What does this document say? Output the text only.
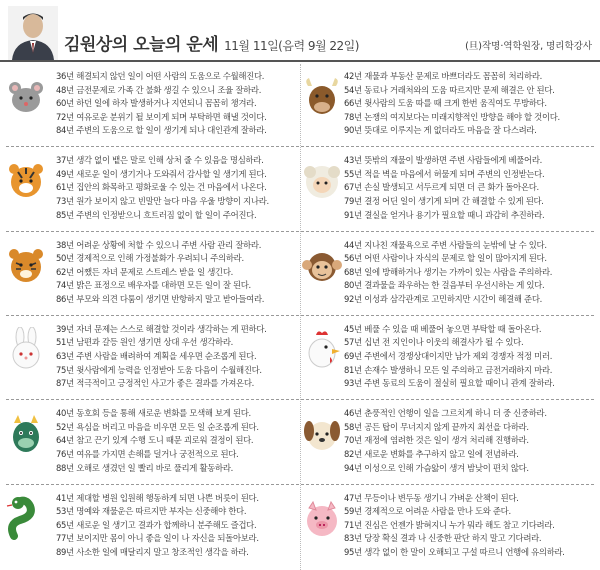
김원상의 오늘의 운세 11월 11일(음력 9월 22일)	(旦)작명·역학원장, 명리학강사
36년 해결되지 않던 일이 어떤 사람의 도움으로 수월해진다.
48년 금전문제로 가족 간 불화 생길 수 있으니 조율 잘하라.
60년 하던 일에 하자 발생하거나 지연되니 꼼꼼히 챙겨라.
72년 여유로운 분위기 될 보이게 되며 부탁하면 해낼 것이다.
84년 주변의 도움으로 할 일이 생기게 되나 대인관계 잘하라.
42년 재물과 부동산 문제로 바쁘더라도 꼼꼼히 처리하라.
54년 동료나 거래처와의 도움 따르지만 문제 해결은 안 된다.
66년 윗사람의 도움 따를 때 크게 한번 움직여도 무방하다.
78년 논쟁의 여지보다는 미래지향적인 방향을 해야 할 것이다.
90년 뜻대로 이루지는 게 없더라도 마음을 잘 다스려라.
37년 생각 없이 뱉은 말로 인해 상처 줄 수 있음을 명심하라.
49년 새로운 일이 생기거나 도와줘서 감사할 일 생기게 된다.
61년 집안의 화목하고 평화로울 수 있는 건 마음에서 나온다.
73년 원가 보이지 않고 빈말만 늘다 마음 우울 방향이 지나라.
85년 주변의 인정받으니 흐트러짐 없이 할 일이 주어진다.
43년 뜻밖의 재물이 발생하면 주변 사람들에게 베풀어라.
55년 적을 벽을 마음에서 허물게 되며 주변의 인정받는다.
67년 손실 발생되고 서두르게 되면 더 큰 화가 돌아온다.
79년 결정 어딘 일이 생기게 되며 간 해결할 수 있게 된다.
91년 결실을 얻거나 용기가 필요할 때니 과감히 추진하라.
38년 어려운 상황에 처할 수 있으니 주변 사람 관리 잘하라.
50년 경제적으로 인해 가정불화가 우려되니 주의하라.
62년 어쨌든 자녀 문제로 스트레스 받을 일 생긴다.
74년 밝은 표정으로 배우자를 대하면 모든 일이 잘 된다.
86년 부모와 의견 다툼이 생기면 반항하지 말고 받아들여라.
44년 지나친 재물욕으로 주변 사람들의 눈밖에 날 수 있다.
56년 어떤 사람이나 자식의 문제로 할 일이 많아지게 된다.
68년 일에 방해하거나 생기는 가까이 있는 사람을 주의하라.
80년 결과물을 좌우하는 한 걸음부터 우선시하는 게 있다.
92년 이성과 삼각관계로 고민하지만 시간이 해결해 준다.
39년 자녀 문제는 스스로 해결할 것이라 생각하는 게 편하다.
51년 남편과 갈등 원인 생기면 상대 우선 생각하라.
63년 주변 사람을 배려하여 계획을 세우면 순조롭게 된다.
75년 윗사람에게 능력을 인정받아 도움 다음이 수월해진다.
87년 적극적이고 긍정적인 사고가 좋은 결과를 가져온다.
45년 베풀 수 있을 때 베풀어 놓으면 부탁할 때 돌아온다.
57년 십년 전 지인이나 이웃의 해결사가 될 수 있다.
69년 주변에서 경쟁상대이지만 남가 제외 경쟁자 적정 미러.
81년 손재수 발생하니 모든 일 주의하고 금전거래하지 마라.
93년 주변 동료의 도움이 절실히 필요할 때이니 관계 잘하라.
40년 동호회 등을 통해 새로운 변화를 모색해 보게 된다.
52년 욕심을 버리고 마음을 비우면 모든 일 순조롭게 된다.
64년 참고 끈기 있게 수행 도니 때문 괴로워 결정이 된다.
76년 여유를 가지면 손해를 덜거나 궁전적으로 된다.
88년 오해로 생겼던 일 빨리 바로 풀리게 활동하라.
46년 춘풍적인 언행이 일을 그르치게 하니 더 중 신중하라.
58년 공든 탑이 무너지지 않게 끝까지 최선을 다하라.
70년 재정에 염려한 것은 일이 생겨 처리해 진행하라.
82년 새로운 변화를 추구하지 않고 일에 전념하라.
94년 이성으로 인해 가슴앓이 생겨 밤낮이 편치 않다.
41년 제대할 병원 입원해 행동하게 되면 나쁜 버릇이 된다.
53년 명예와 재물운은 따르지만 부자는 신중해야 한다.
65년 새로운 일 생기고 결과가 합께하니 분주해도 즐겁다.
77년 보이지만 몸이 아니 좋을 일이 나 자신을 되돌아보라.
89년 사소한 일에 매달리지 말고 창조적인 생각을 하라.
47년 무등이나 변두동 생기니 가벼운 산책이 된다.
59년 경제적으로 어려운 사람을 만나 도와 준다.
71년 진심은 언젠가 밝혀지니 누가 뭐라 해도 참고 기다려라.
83년 당장 확실 결과 나 신중한 판단 하지 말고 기다려라.
95년 생각 없이 한 말이 오해되고 구설 따르니 언행에 유의하라.
